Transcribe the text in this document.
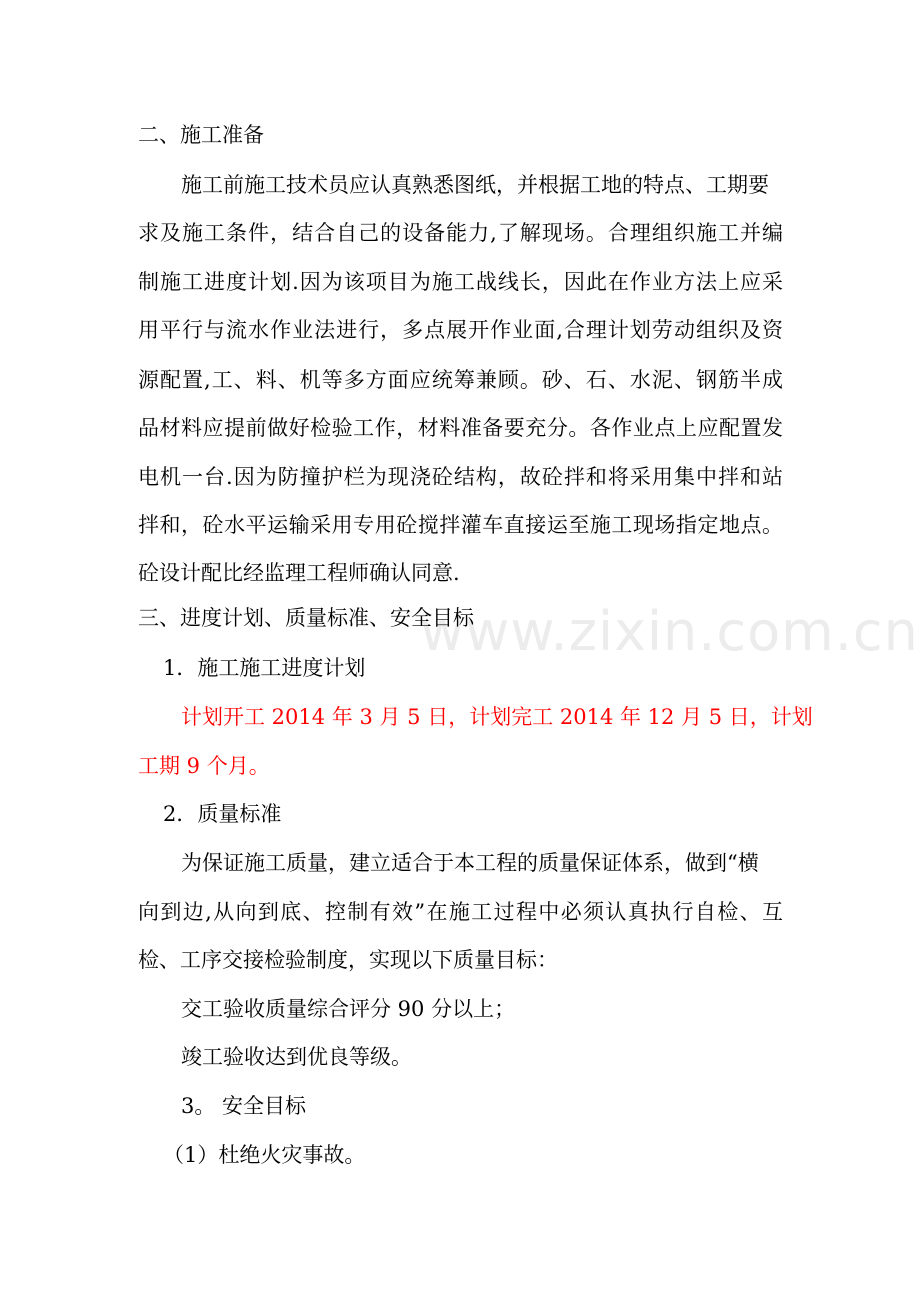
www.zixin.com.cn
二、施工准备
施工前施工技术员应认真熟悉图纸，并根据工地的特点、工期要
求及施工条件，结合自己的设备能力,了解现场。合理组织施工并编
制施工进度计划.因为该项目为施工战线长，因此在作业方法上应采
用平行与流水作业法进行，多点展开作业面,合理计划劳动组织及资
源配置,工、料、机等多方面应统筹兼顾。砂、石、水泥、钢筋半成
品材料应提前做好检验工作，材料准备要充分。各作业点上应配置发
电机一台.因为防撞护栏为现浇砼结构，故砼拌和将采用集中拌和站
拌和，砼水平运输采用专用砼搅拌灌车直接运至施工现场指定地点。
砼设计配比经监理工程师确认同意.
三、进度计划、质量标准、安全目标
1．施工施工进度计划
计划开工 2014 年 3 月 5 日，计划完工 2014 年 12 月 5 日，计划
工期 9 个月。
2．质量标准
为保证施工质量，建立适合于本工程的质量保证体系，做到“横
向到边,从向到底、控制有效”在施工过程中必须认真执行自检、互
检、工序交接检验制度，实现以下质量目标：
交工验收质量综合评分 90 分以上；
竣工验收达到优良等级。
3。 安全目标
（1）杜绝火灾事故。
